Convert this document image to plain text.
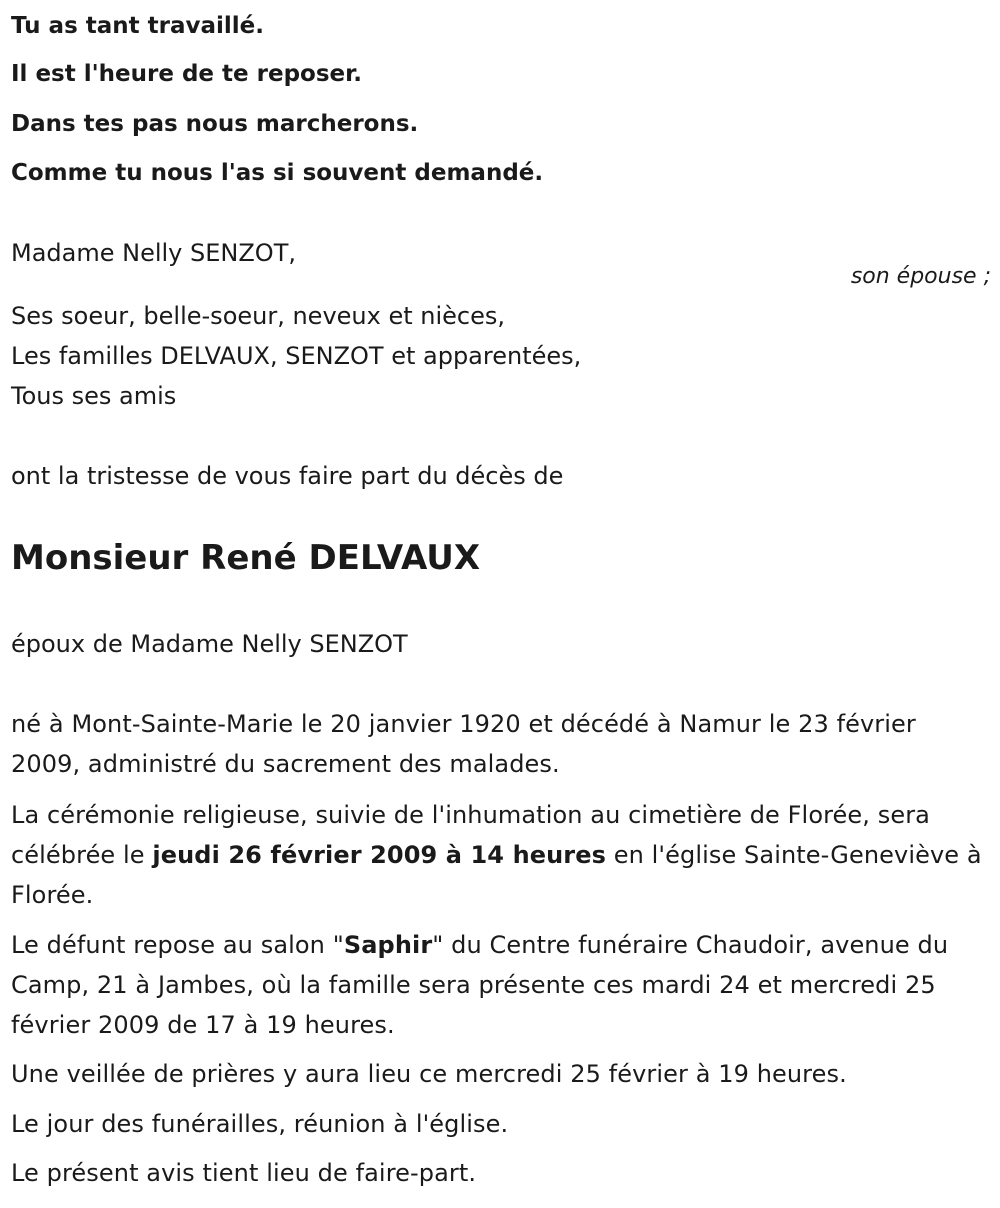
Tu as tant travaillé.
Il est l'heure de te reposer.
Dans tes pas nous marcherons.
Comme tu nous l'as si souvent demandé.
Madame Nelly SENZOT,
son épouse ;
Ses soeur, belle-soeur, neveux et nièces,
Les familles DELVAUX, SENZOT et apparentées,
Tous ses amis
ont la tristesse de vous faire part du décès de
Monsieur René DELVAUX
époux de Madame Nelly SENZOT
né à Mont-Sainte-Marie le 20 janvier 1920 et décédé à Namur le 23 février 2009, administré du sacrement des malades.
La cérémonie religieuse, suivie de l'inhumation au cimetière de Florée, sera célébrée le jeudi 26 février 2009 à 14 heures en l'église Sainte-Geneviève à Florée.
Le défunt repose au salon "Saphir" du Centre funéraire Chaudoir, avenue du Camp, 21 à Jambes, où la famille sera présente ces mardi 24 et mercredi 25 février 2009 de 17 à 19 heures.
Une veillée de prières y aura lieu ce mercredi 25 février à 19 heures.
Le jour des funérailles, réunion à l'église.
Le présent avis tient lieu de faire-part.
